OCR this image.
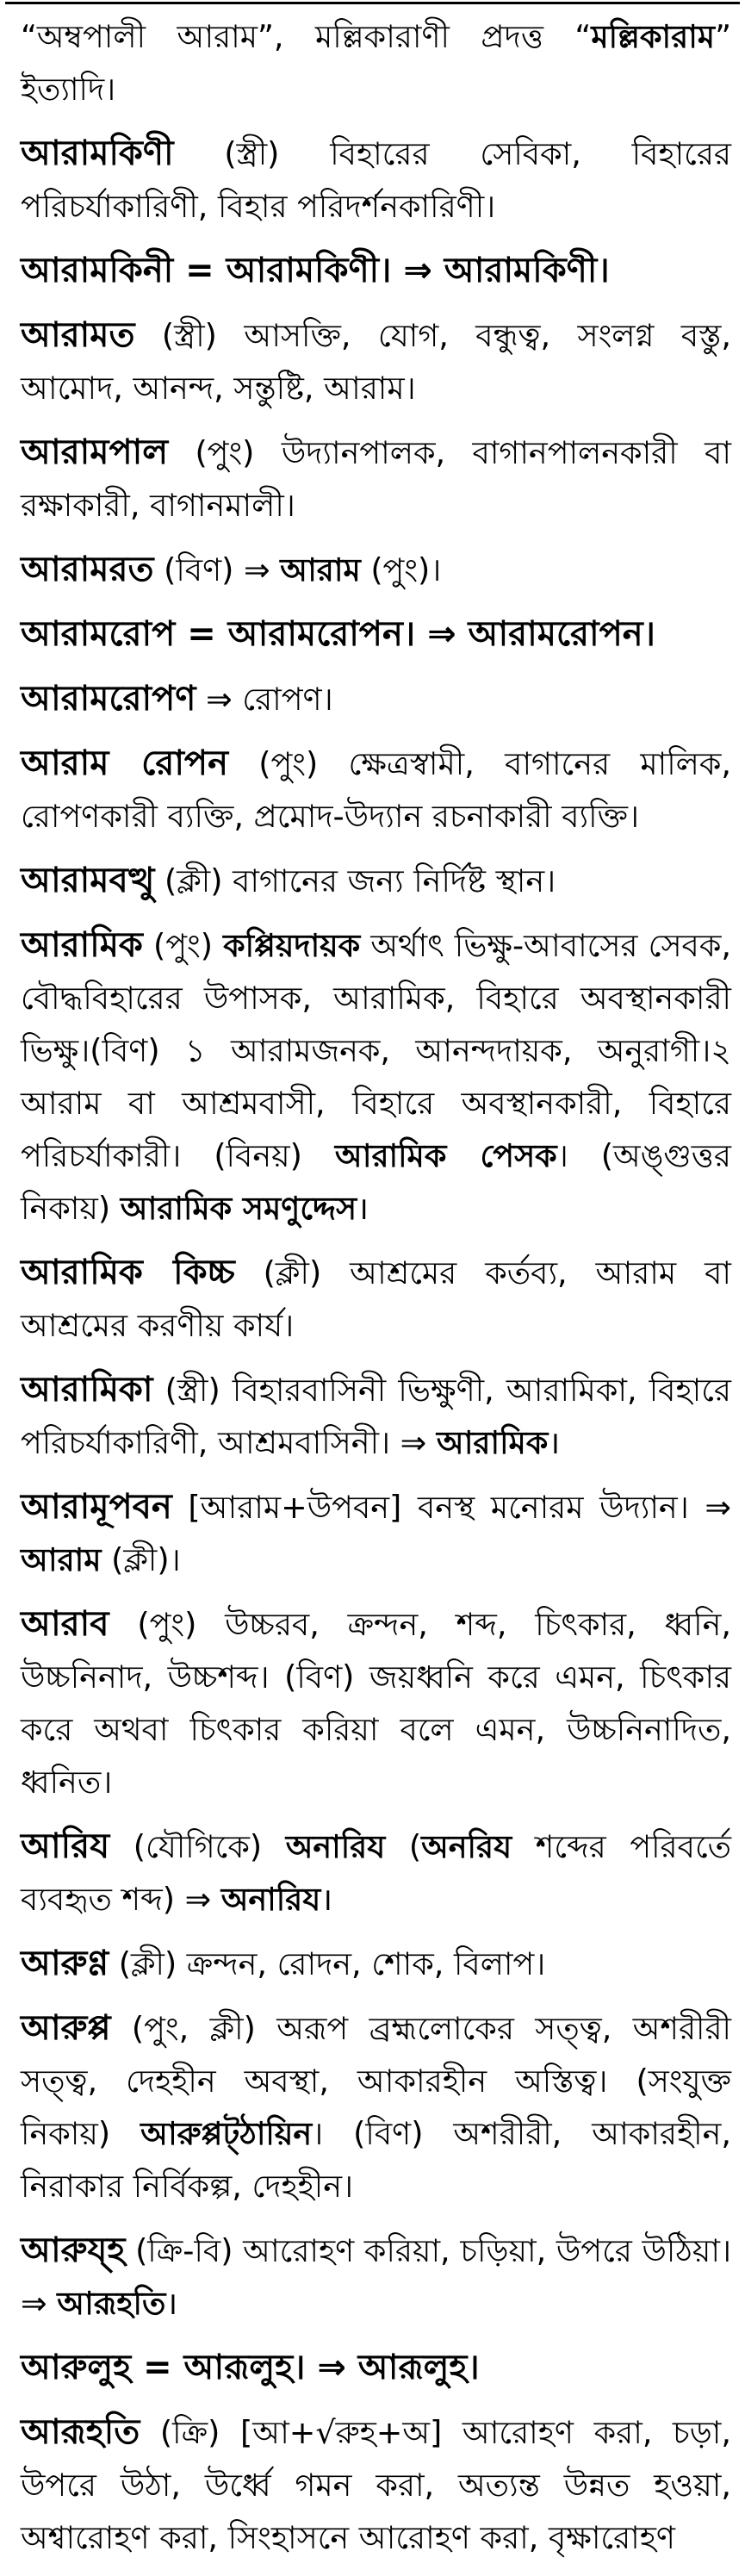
“অম্বপালী আরাম”, মল্লিকারাণী প্রদত্ত “মল্লিকারাম” ইত্যাদি।

আরামকিণী (স্ত্রী) বিহারের সেবিকা, বিহারের পরিচর্যাকারিণী, বিহার পরিদর্শনকারিণী।

আরামকিনী = আরামকিণী। ⇒ আরামকিণী।

আরামত (স্ত্রী) আসক্তি, যোগ, বন্ধুত্ব, সংলগ্ন বস্তু, আমোদ, আনন্দ, সন্তুষ্টি, আরাম।

আরামপাল (পুং) উদ্যানপালক, বাগানপালনকারী বা রক্ষাকারী, বাগানমালী।

আরামরত (বিণ) ⇒ আরাম (পুং)।

আরামরোপ = আরামরোপন। ⇒ আরামরোপন।

আরামরোপণ ⇒ রোপণ।

আরাম রোপন (পুং) ক্ষেত্রস্বামী, বাগানের মালিক, রোপণকারী ব্যক্তি, প্রমোদ-উদ্যান রচনাকারী ব্যক্তি।

আরামবত্থু (ক্লী) বাগানের জন্য নির্দিষ্ট স্থান।

আরামিক (পুং) কপ্পিয়দায়ক অর্থাৎ ভিক্ষু-আবাসের সেবক, বৌদ্ধবিহারের উপাসক, আরামিক, বিহারে অবস্থানকারী ভিক্ষু।(বিণ) ১ আরামজনক, আনন্দদায়ক, অনুরাগী।২ আরাম বা আশ্রমবাসী, বিহারে অবস্থানকারী, বিহারে পরিচর্যাকারী। (বিনয়) আরামিক পেসক। (অঙ্গুত্তর নিকায়) আরামিক সমণুদ্দেস।

আরামিক কিচ্চ (ক্লী) আশ্রমের কর্তব্য, আরাম বা আশ্রমের করণীয় কার্য।

আরামিকা (স্ত্রী) বিহারবাসিনী ভিক্ষুণী, আরামিকা, বিহারে পরিচর্যাকারিণী, আশ্রমবাসিনী। ⇒ আরামিক।

আরামূপবন [আরাম+উপবন] বনস্থ মনোরম উদ্যান। ⇒ আরাম (ক্লী)।

আরাব (পুং) উচ্চরব, ক্রন্দন, শব্দ, চিৎকার, ধ্বনি, উচ্চনিনাদ, উচ্চশব্দ। (বিণ) জয়ধ্বনি করে এমন, চিৎকার করে অথবা চিৎকার করিয়া বলে এমন, উচ্চনিনাদিত, ধ্বনিত।

আরিয (যৌগিকে) অনারিয (অনরিয শব্দের পরিবর্তে ব্যবহৃত শব্দ) ⇒ অনারিয।

আরুণ্ণ (ক্লী) ক্রন্দন, রোদন, শোক, বিলাপ।

আরুপ্প (পুং, ক্লী) অরূপ ব্রহ্মলোকের সত্ত্ব, অশরীরী সত্ত্ব, দেহহীন অবস্থা, আকারহীন অস্তিত্ব। (সংযুক্ত নিকায়) আরুপ্পট্‌ঠায়িন। (বিণ) অশরীরী, আকারহীন, নিরাকার নির্বিকল্প, দেহহীন।

আরুয্হ (ক্রি-বি) আরোহণ করিয়া, চড়িয়া, উপরে উঠিয়া। ⇒ আরূহতি।

আরুলুহ = আরূলুহ। ⇒ আরূলুহ।

আরূহতি (ক্রি) [আ+√রুহ+অ] আরোহণ করা, চড়া, উপরে উঠা, উর্ধ্বে গমন করা, অত্যন্ত উন্নত হওয়া, অশ্বারোহণ করা, সিংহাসনে আরোহণ করা, বৃক্ষারোহণ
